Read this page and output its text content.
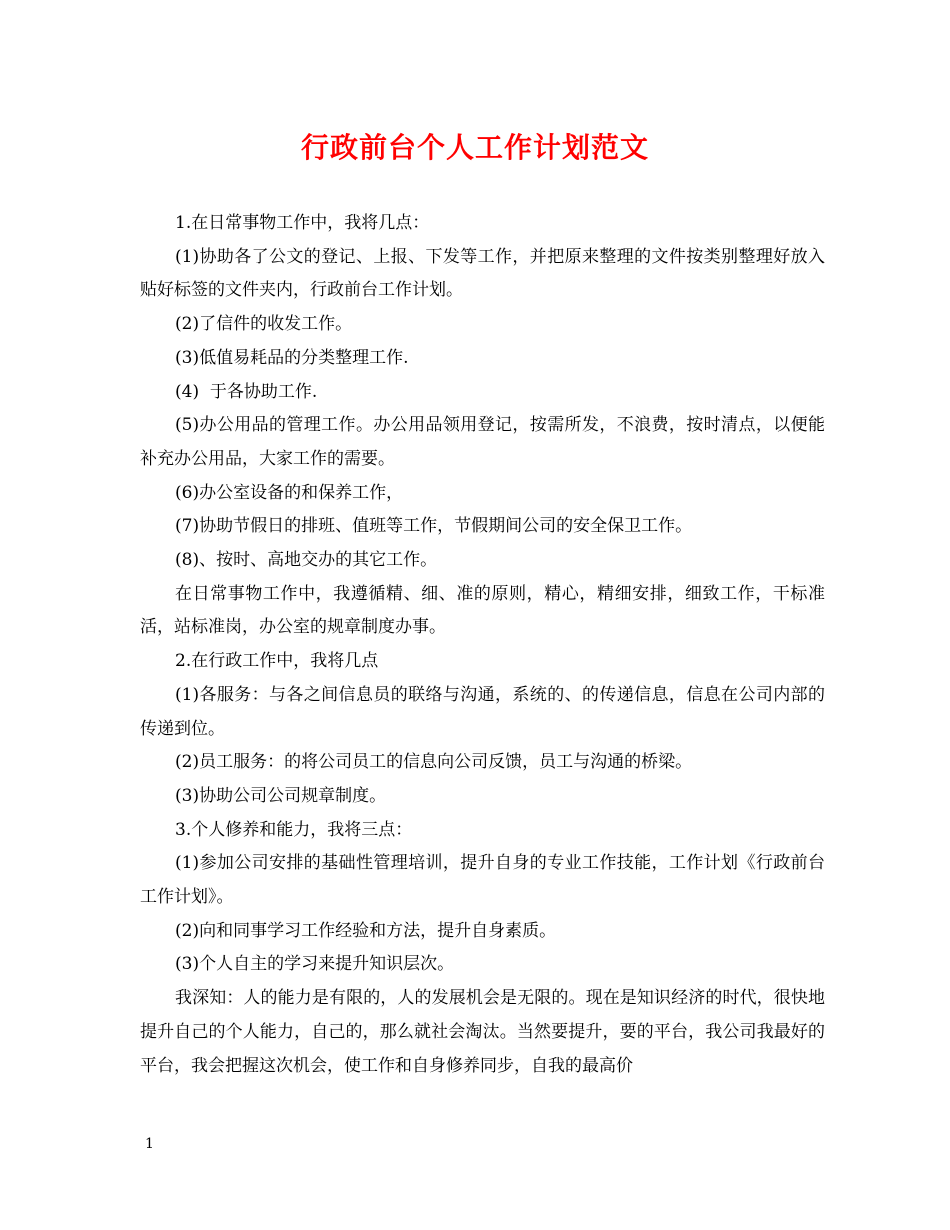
行政前台个人工作计划范文

1.在日常事物工作中，我将几点：

(1)协助各了公文的登记、上报、下发等工作，并把原来整理的文件按类别整理好放入贴好标签的文件夹内，行政前台工作计划。

(2)了信件的收发工作。

(3)低值易耗品的分类整理工作.

(4)  于各协助工作.

(5)办公用品的管理工作。办公用品领用登记，按需所发，不浪费，按时清点，以便能补充办公用品，大家工作的需要。

(6)办公室设备的和保养工作，

(7)协助节假日的排班、值班等工作，节假期间公司的安全保卫工作。

(8)、按时、高地交办的其它工作。

在日常事物工作中，我遵循精、细、准的原则，精心，精细安排，细致工作，干标准活，站标准岗，办公室的规章制度办事。

2.在行政工作中，我将几点

(1)各服务：与各之间信息员的联络与沟通，系统的、的传递信息，信息在公司内部的传递到位。

(2)员工服务：的将公司员工的信息向公司反馈，员工与沟通的桥梁。

(3)协助公司公司规章制度。

3.个人修养和能力，我将三点：

(1)参加公司安排的基础性管理培训，提升自身的专业工作技能，工作计划《行政前台工作计划》。

(2)向和同事学习工作经验和方法，提升自身素质。

(3)个人自主的学习来提升知识层次。

我深知：人的能力是有限的，人的发展机会是无限的。现在是知识经济的时代，很快地提升自己的个人能力，自己的，那么就社会淘汰。当然要提升，要的平台，我公司我最好的平台，我会把握这次机会，使工作和自身修养同步，自我的最高价

1
